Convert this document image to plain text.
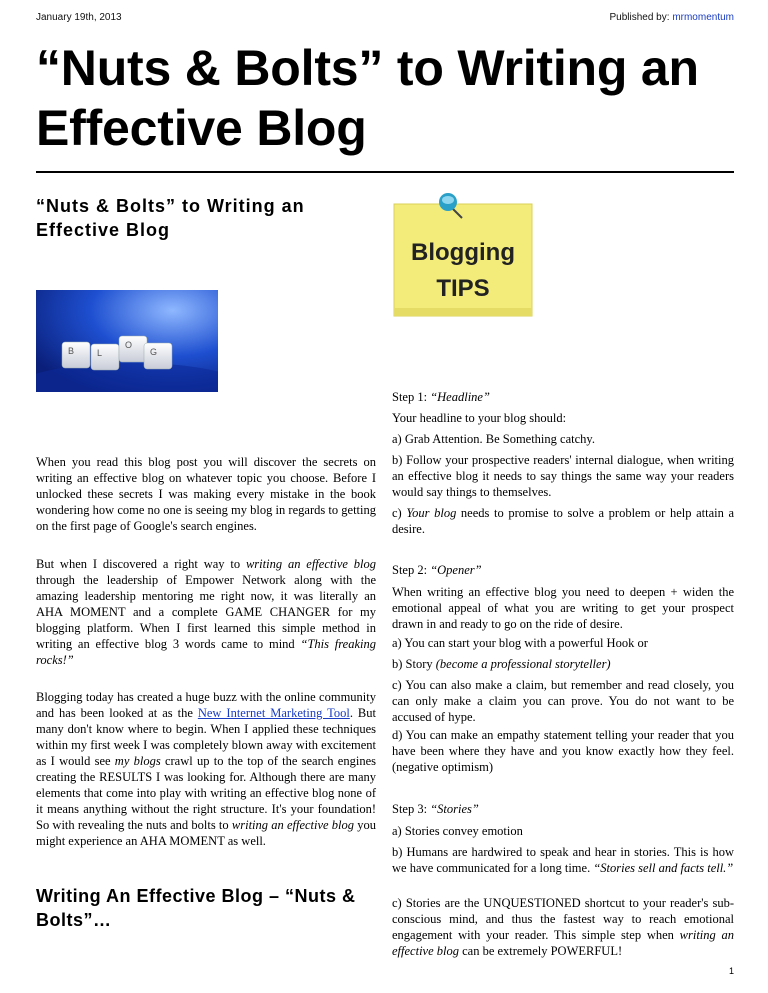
January 19th, 2013	Published by: mrmomentum
“Nuts & Bolts” to Writing an Effective Blog
“Nuts & Bolts” to Writing an Effective Blog
B	L
O
G
Blogging
TIPS
When you read this blog post you will discover the secrets on writing an effective blog on whatever topic you choose. Before I unlocked these secrets I was making every mistake in the book wondering how come no one is seeing my blog in regards to getting on the first page of Google's search engines.
But when I discovered a right way to writing an effective blog through the leadership of Empower Network along with the amazing leadership mentoring me right now, it was literally an AHA MOMENT and a complete GAME CHANGER for my blogging platform. When I first learned this simple method in writing an effective blog 3 words came to mind “This freaking rocks!”
Blogging today has created a huge buzz with the online community and has been looked at as the New Internet Marketing Tool. But many don't know where to begin. When I applied these techniques within my first week I was completely blown away with excitement as I would see my blogs crawl up to the top of the search engines creating the RESULTS I was looking for. Although there are many elements that come into play with writing an effective blog none of it means anything without the right structure. It's your foundation! So with revealing the nuts and bolts to writing an effective blog you might experience an AHA MOMENT as well.
Writing An Effective Blog – “Nuts & Bolts”…
Step 1: “Headline”
Your headline to your blog should:
a) Grab Attention. Be Something catchy.
b) Follow your prospective readers' internal dialogue, when writing an effective blog it needs to say things the same way your readers would say things to themselves.
c) Your blog needs to promise to solve a problem or help attain a desire.
Step 2: “Opener”
When writing an effective blog you need to deepen + widen the emotional appeal of what you are writing to get your prospect drawn in and ready to go on the ride of desire.
a) You can start your blog with a powerful Hook or
b) Story (become a professional storyteller)
c) You can also make a claim, but remember and read closely, you can only make a claim you can prove. You do not want to be accused of hype.
d) You can make an empathy statement telling your reader that you have been where they have and you know exactly how they feel. (negative optimism)
Step 3: “Stories”
a) Stories convey emotion
b) Humans are hardwired to speak and hear in stories. This is how we have communicated for a long time. “Stories sell and facts tell.”
c) Stories are the UNQUESTIONED shortcut to your reader's sub-conscious mind, and thus the fastest way to reach emotional engagement with your reader. This simple step when writing an effective blog can be extremely POWERFUL!
1
